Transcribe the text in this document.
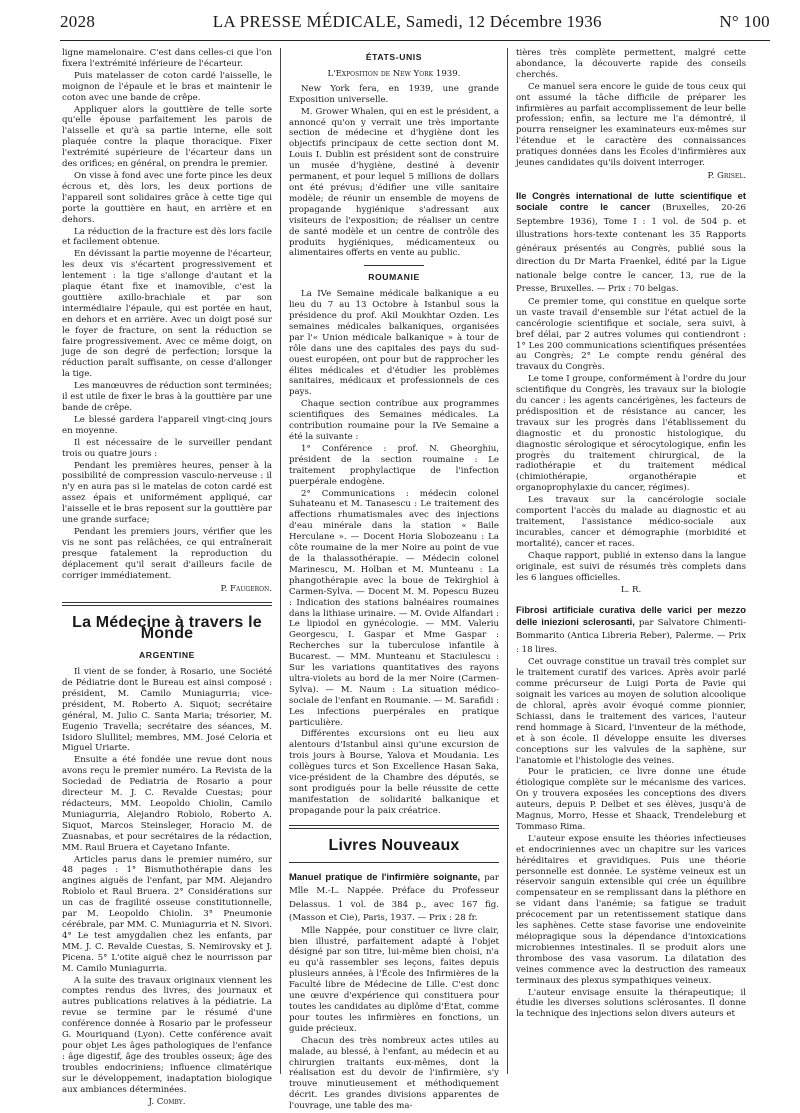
2028	LA PRESSE MÉDICALE, Samedi, 12 Décembre 1936	N° 100

ligne mamelonaire. C'est dans celles-ci que l'on fixera l'extrémité inférieure de l'écarteur.

Puis matelasser de coton cardé l'aisselle, le moignon de l'épaule et le bras et maintenir le coton avec une bande de crêpe.

Appliquer alors la gouttière de telle sorte qu'elle épouse parfaitement les parois de l'aisselle et qu'à sa partie interne, elle soit plaquée contre la plaque thoracique. Fixer l'extrémité supérieure de l'écarteur dans un des orifices; en général, on prendra le premier.

On visse à fond avec une forte pince les deux écrous et, dès lors, les deux portions de l'appareil sont solidaires grâce à cette tige qui porte la gouttière en haut, en arrière et en dehors.

La réduction de la fracture est dès lors facile et facilement obtenue.

En dévissant la partie moyenne de l'écarteur, les deux vis s'écartent progressivement et lentement : la tige s'allonge d'autant et la plaque étant fixe et inamovible, c'est la gouttière axillo-brachiale et par son intermédiaire l'épaule, qui est portée en haut, en dehors et en arrière. Avec un doigt posé sur le foyer de fracture, on sent la réduction se faire progressivement. Avec ce même doigt, on juge de son degré de perfection; lorsque la réduction paraît suffisante, on cesse d'allonger la tige.

Les manœuvres de réduction sont terminées; il est utile de fixer le bras à la gouttière par une bande de crêpe.

Le blessé gardera l'appareil vingt-cinq jours en moyenne.

Il est nécessaire de le surveiller pendant trois ou quatre jours :

Pendant les premières heures, penser à la possibilité de compression vasculo-nerveuse : il n'y en aura pas si le matelas de coton cardé est assez épais et uniformément appliqué, car l'aisselle et le bras reposent sur la gouttière par une grande surface;

Pendant les premiers jours, vérifier que les vis ne sont pas relâchées, ce qui entraînerait presque fatalement la reproduction du déplacement qu'il serait d'ailleurs facile de corriger immédiatement.

P. Faugeron.
La Médecine à travers le Monde
ARGENTINE

Il vient de se fonder, à Rosario, une Société de Pédiatrie dont le Bureau est ainsi composé : président, M. Camilo Muniagurria; vice-président, M. Roberto A. Siquot; secrétaire général, M. Julio C. Santa Maria; trésorier, M. Eugenio Travella; secrétaire des séances, M. Isidoro Slullitel; membres, MM. José Celoria et Miguel Uriarte.

Ensuite a été fondée une revue dont nous avons reçu le premier numéro. La Revista de la Sociedad de Pediatria de Rosario a pour directeur M. J. C. Revalde Cuestas; pour rédacteurs, MM. Leopoldo Chiolin, Camilo Muniagurria, Alejandro Robiolo, Roberto A. Siquot, Marcos Steinsleger, Horacio M. de Zuasnabas, et pour secrétaires de la rédaction, MM. Raul Bruera et Cayetano Infante.

Articles parus dans le premier numéro, sur 48 pages : 1° Bismuthothérapie dans les angines aiguës de l'enfant, par MM. Alejandro Robiolo et Raul Bruera. 2° Considérations sur un cas de fragilité osseuse constitutionnelle, par M. Leopoldo Chiolin. 3° Pneumonie cérébrale, par MM. C. Muniagurria et N. Sivori. 4° Le test amygdalien chez les enfants, par MM. J. C. Revalde Cuestas, S. Nemirovsky et J. Picena. 5° L'otite aiguë chez le nourrisson par M. Camilo Muniagurria.

A la suite des travaux originaux viennent les comptes rendus des livres, des journaux et autres publications relatives à la pédiatrie. La revue se termine par le résumé d'une conférence donnée à Rosario par le professeur G. Mouriquand (Lyon). Cette conférence avait pour objet Les âges pathologiques de l'enfance : âge digestif, âge des troubles osseux; âge des troubles endocriniens; influence climatérique sur le développement, inadaptation biologique aux ambiances déterminées.

J. Comby.
ÉTATS-UNIS
L'Exposition de New York 1939.

New York fera, en 1939, une grande Exposition universelle.

M. Grower Whalen, qui en est le président, a annoncé qu'on y verrait une très importante section de médecine et d'hygiène dont les objectifs principaux de cette section dont M. Louis I. Dublin est président sont de construire un musée d'hygiène, destiné à devenir permanent, et pour lequel 5 millions de dollars ont été prévus; d'édifier une ville sanitaire modèle; de réunir un ensemble de moyens de propagande hygiénique s'adressant aux visiteurs de l'exposition; de réaliser un centre de santé modèle et un centre de contrôle des produits hygiéniques, médicamenteux ou alimentaires offerts en vente au public.

ROUMANIE

La IVe Semaine médicale balkanique a eu lieu du 7 au 13 Octobre à Istanbul sous la présidence du prof. Akil Moukhtar Ozden. Les semaines médicales balkaniques, organisées par l'« Union médicale balkanique » à tour de rôle dans une des capitales des pays du sud-ouest européen, ont pour but de rapprocher les élites médicales et d'étudier les problèmes sanitaires, médicaux et professionnels de ces pays.

Chaque section contribue aux programmes scientifiques des Semaines médicales. La contribution roumaine pour la IVe Semaine a été la suivante :

1° Conférence : prof. N. Gheorghiu, président de la section roumaine : Le traitement prophylactique de l'infection puerpérale endogène.

2° Communications : médecin colonel Suhateanu et M. Tanasescu : Le traitement des affections rhumatismales avec des injections d'eau minérale dans la station « Baile Herculane ». — Docent Horia Slobozeanu : La côte roumaine de la mer Noire au point de vue de la thalassothérapie. — Médecin colonel Marinescu, M. Holban et M. Munteanu : La phangothérapie avec la boue de Tekirghiol à Carmen-Sylva. — Docent M. M. Popescu Buzeu : Indication des stations balnéaires roumaines dans la lithiase urinaire. — M. Ovide Alfandari : Le lipiodol en gynécologie. — MM. Valeriu Georgescu, I. Gaspar et Mme Gaspar : Recherches sur la tuberculose infantile à Bucarest. — MM. Munteanu et Staciulescu : Sur les variations quantitatives des rayons ultra-violets au bord de la mer Noire (Carmen-Sylva). — M. Naum : La situation médico-sociale de l'enfant en Roumanie. — M. Sarafidi : Les infections puerpérales en pratique particulière.

Différentes excursions ont eu lieu aux alentours d'Istanbul ainsi qu'une excursion de trois jours à Bourse, Yalova et Moudania. Les collègues turcs et Son Excellence Hasan Saka, vice-président de la Chambre des députés, se sont prodigués pour la belle réussite de cette manifestation de solidarité balkanique et propagande pour la paix créatrice.

Livres Nouveaux

Manuel pratique de l'infirmière soignante, par Mlle M.-L. Nappée. Préface du Professeur Delassus. 1 vol. de 384 p., avec 167 fig. (Masson et Cie), Paris, 1937. — Prix : 28 fr.

Mlle Nappée, pour constituer ce livre clair, bien illustré, parfaitement adapté à l'objet désigné par son titre, lui-même bien choisi, n'a eu qu'à rassembler ses leçons, faites depuis plusieurs années, à l'École des Infirmières de la Faculté libre de Médecine de Lille. C'est donc une œuvre d'expérience qui constituera pour toutes les candidates au diplôme d'État, comme pour toutes les infirmières en fonctions, un guide précieux.

Chacun des très nombreux actes utiles au malade, au blessé, à l'enfant, au médecin et au chirurgien traitants eux-mêmes, dont la réalisation est du devoir de l'infirmière, s'y trouve minutieusement et méthodiquement décrit. Les grandes divisions apparentes de l'ouvrage, une table des ma-

tières très complète permettent, malgré cette abondance, la découverte rapide des conseils cherchés.

Ce manuel sera encore le guide de tous ceux qui ont assumé la tâche difficile de préparer les infirmières au parfait accomplissement de leur belle profession; enfin, sa lecture me l'a démontré, il pourra renseigner les examinateurs eux-mêmes sur l'étendue et le caractère des connaissances pratiques données dans les Écoles d'infirmières aux jeunes candidates qu'ils doivent interroger.

P. Grisel.

IIe Congrès international de lutte scientifique et sociale contre le cancer (Bruxelles, 20-26 Septembre 1936), Tome I : 1 vol. de 504 p. et illustrations hors-texte contenant les 35 Rapports généraux présentés au Congrès, publié sous la direction du Dr Marta Fraenkel, édité par la Ligue nationale belge contre le cancer, 13, rue de la Presse, Bruxelles. — Prix : 70 belgas.

Ce premier tome, qui constitue en quelque sorte un vaste travail d'ensemble sur l'état actuel de la cancérologie scientifique et sociale, sera suivi, à bref délai, par 2 autres volumes qui contiendront : 1° Les 200 communications scientifiques présentées au Congrès; 2° Le compte rendu général des travaux du Congrès.

Le tome I groupe, conformément à l'ordre du jour scientifique du Congrès, les travaux sur la biologie du cancer : les agents cancérigènes, les facteurs de prédisposition et de résistance au cancer, les travaux sur les progrès dans l'établissement du diagnostic et du pronostic histologique, du diagnostic sérologique et sérocytologique, enfin les progrès du traitement chirurgical, de la radiothérapie et du traitement médical (chimiothérapie, organothérapie et organoprophylaxie du cancer, régimes).

Les travaux sur la cancérologie sociale comportent l'accès du malade au diagnostic et au traitement, l'assistance médico-sociale aux incurables, cancer et démographie (morbidité et mortalité), cancer et races.

Chaque rapport, publié in extenso dans la langue originale, est suivi de résumés très complets dans les 6 langues officielles.

L. R.

Fibrosi artificiale curativa delle varici per mezzo delle iniezioni sclerosanti, par Salvatore Chimenti-Bommarito (Antica Libreria Reber), Palerme. — Prix : 18 lires.

Cet ouvrage constitue un travail très complet sur le traitement curatif des varices. Après avoir parlé comme précurseur de Luigi Porta de Pavie qui soignait les varices au moyen de solution alcoolique de chloral, après avoir évoqué comme pionnier, Schiassi, dans le traitement des varices, l'auteur rend hommage à Sicard, l'inventeur de la méthode, et à son école. Il développe ensuite les diverses conceptions sur les valvules de la saphène, sur l'anatomie et l'histologie des veines.

Pour le praticien, ce livre donne une étude étiologique complète sur le mécanisme des varices. On y trouvera exposées les conceptions des divers auteurs, depuis P. Delbet et ses élèves, jusqu'à de Magnus, Morro, Hesse et Shaack, Trendeleburg et Tommaso Rima.

L'auteur expose ensuite les théories infectieuses et endocriniennes avec un chapitre sur les varices héréditaires et gravidiques. Puis une théorie personnelle est donnée. Le système veineux est un réservoir sanguin extensible qui crée un équilibre compensateur en se remplissant dans la pléthore en se vidant dans l'anémie; sa fatigue se traduit précocement par un retentissement statique dans les saphènes. Cette stase favorise une endoveinite méiopragique sous la dépendance d'intoxications microbiennes intestinales. Il se produit alors une thrombose des vasa vasorum. La dilatation des veines commence avec la destruction des rameaux terminaux des plexus sympathiques veineux.

L'auteur envisage ensuite la thérapeutique; il étudie les diverses solutions sclérosantes. Il donne la technique des injections selon divers auteurs et
